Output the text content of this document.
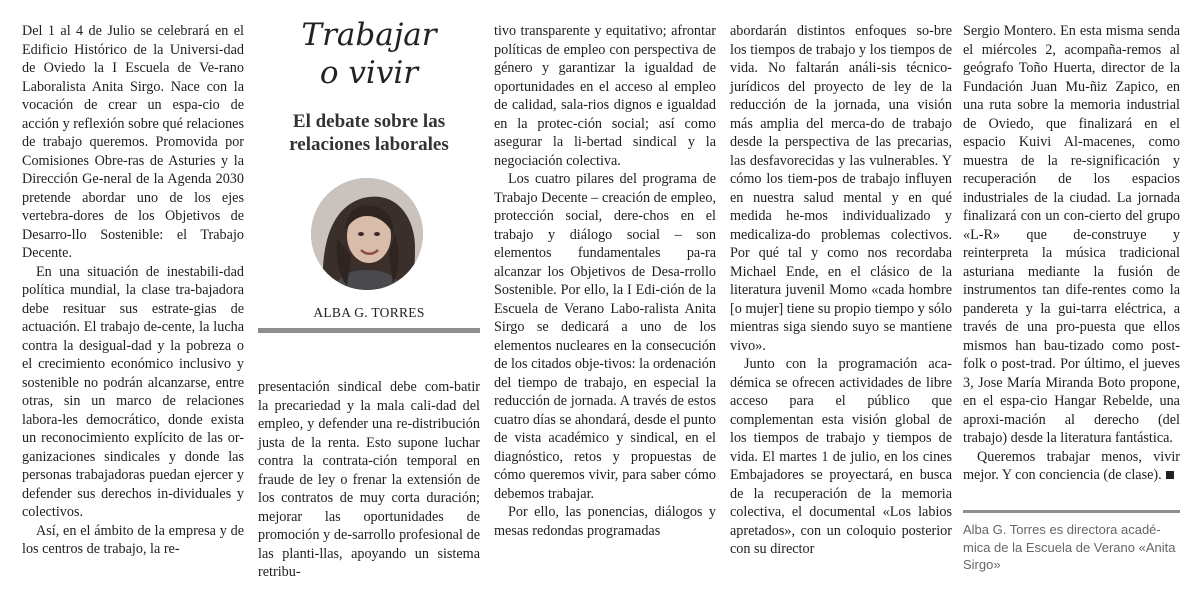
Trabajar
o vivir
El debate sobre las
relaciones laborales
ALBA G. TORRES

Del 1 al 4 de Julio se celebrará en el Edificio Histórico de la Universi-dad de Oviedo la I Escuela de Ve-rano Laboralista Anita Sirgo. Nace con la vocación de crear un espa-cio de acción y reflexión sobre qué relaciones de trabajo queremos. Promovida por Comisiones Obre-ras de Asturies y la Dirección Ge-neral de la Agenda 2030 pretende abordar uno de los ejes vertebra-dores de los Objetivos de Desarro-llo Sostenible: el Trabajo Decente.

En una situación de inestabili-dad política mundial, la clase tra-bajadora debe resituar sus estrate-gias de actuación. El trabajo de-cente, la lucha contra la desigual-dad y la pobreza o el crecimiento económico inclusivo y sostenible no podrán alcanzarse, entre otras, sin un marco de relaciones labora-les democrático, donde exista un reconocimiento explícito de las or-ganizaciones sindicales y donde las personas trabajadoras puedan ejercer y defender sus derechos in-dividuales y colectivos.

Así, en el ámbito de la empresa y de los centros de trabajo, la re-

presentación sindical debe com-batir la precariedad y la mala cali-dad del empleo, y defender una re-distribución justa de la renta. Esto supone luchar contra la contrata-ción temporal en fraude de ley o frenar la extensión de los contratos de muy corta duración; mejorar las oportunidades de promoción y de-sarrollo profesional de las planti-llas, apoyando un sistema retribu-

tivo transparente y equitativo; afrontar políticas de empleo con perspectiva de género y garantizar la igualdad de oportunidades en el acceso al empleo de calidad, sala-rios dignos e igualdad en la protec-ción social; así como asegurar la li-bertad sindical y la negociación colectiva.

Los cuatro pilares del programa de Trabajo Decente – creación de empleo, protección social, dere-chos en el trabajo y diálogo social – son elementos fundamentales pa-ra alcanzar los Objetivos de Desa-rrollo Sostenible. Por ello, la I Edi-ción de la Escuela de Verano Labo-ralista Anita Sirgo se dedicará a uno de los elementos nucleares en la consecución de los citados obje-tivos: la ordenación del tiempo de trabajo, en especial la reducción de jornada. A través de estos cuatro días se ahondará, desde el punto de vista académico y sindical, en el diagnóstico, retos y propuestas de cómo queremos vivir, para saber cómo debemos trabajar.

Por ello, las ponencias, diálogos y mesas redondas programadas

abordarán distintos enfoques so-bre los tiempos de trabajo y los tiempos de vida. No faltarán análi-sis técnico-jurídicos del proyecto de ley de la reducción de la jornada, una visión más amplia del merca-do de trabajo desde la perspectiva de las precarias, las desfavorecidas y las vulnerables. Y cómo los tiem-pos de trabajo influyen en nuestra salud mental y en qué medida he-mos individualizado y medicaliza-do problemas colectivos. Por qué tal y como nos recordaba Michael Ende, en el clásico de la literatura juvenil Momo «cada hombre [o mujer] tiene su propio tiempo y sólo mientras siga siendo suyo se mantiene vivo».

Junto con la programación aca-démica se ofrecen actividades de libre acceso para el público que complementan esta visión global de los tiempos de trabajo y tiempos de vida. El martes 1 de julio, en los cines Embajadores se proyectará, en busca de la recuperación de la memoria colectiva, el documental «Los labios apretados», con un coloquio posterior con su director

Sergio Montero. En esta misma senda el miércoles 2, acompaña-remos al geógrafo Toño Huerta, director de la Fundación Juan Mu-ñiz Zapico, en una ruta sobre la memoria industrial de Oviedo, que finalizará en el espacio Kuivi Al-macenes, como muestra de la re-significación y recuperación de los espacios industriales de la ciudad. La jornada finalizará con un con-cierto del grupo «L-R» que de-construye y reinterpreta la música tradicional asturiana mediante la fusión de instrumentos tan dife-rentes como la pandereta y la gui-tarra eléctrica, a través de una pro-puesta que ellos mismos han bau-tizado como post-folk o post-trad. Por último, el jueves 3, Jose María Miranda Boto propone, en el espa-cio Hangar Rebelde, una aproxi-mación al derecho (del trabajo) desde la literatura fantástica.

Queremos trabajar menos, vivir mejor. Y con conciencia (de clase).

Alba G. Torres es directora acadé-
mica de la Escuela de Verano «Anita
Sirgo»
